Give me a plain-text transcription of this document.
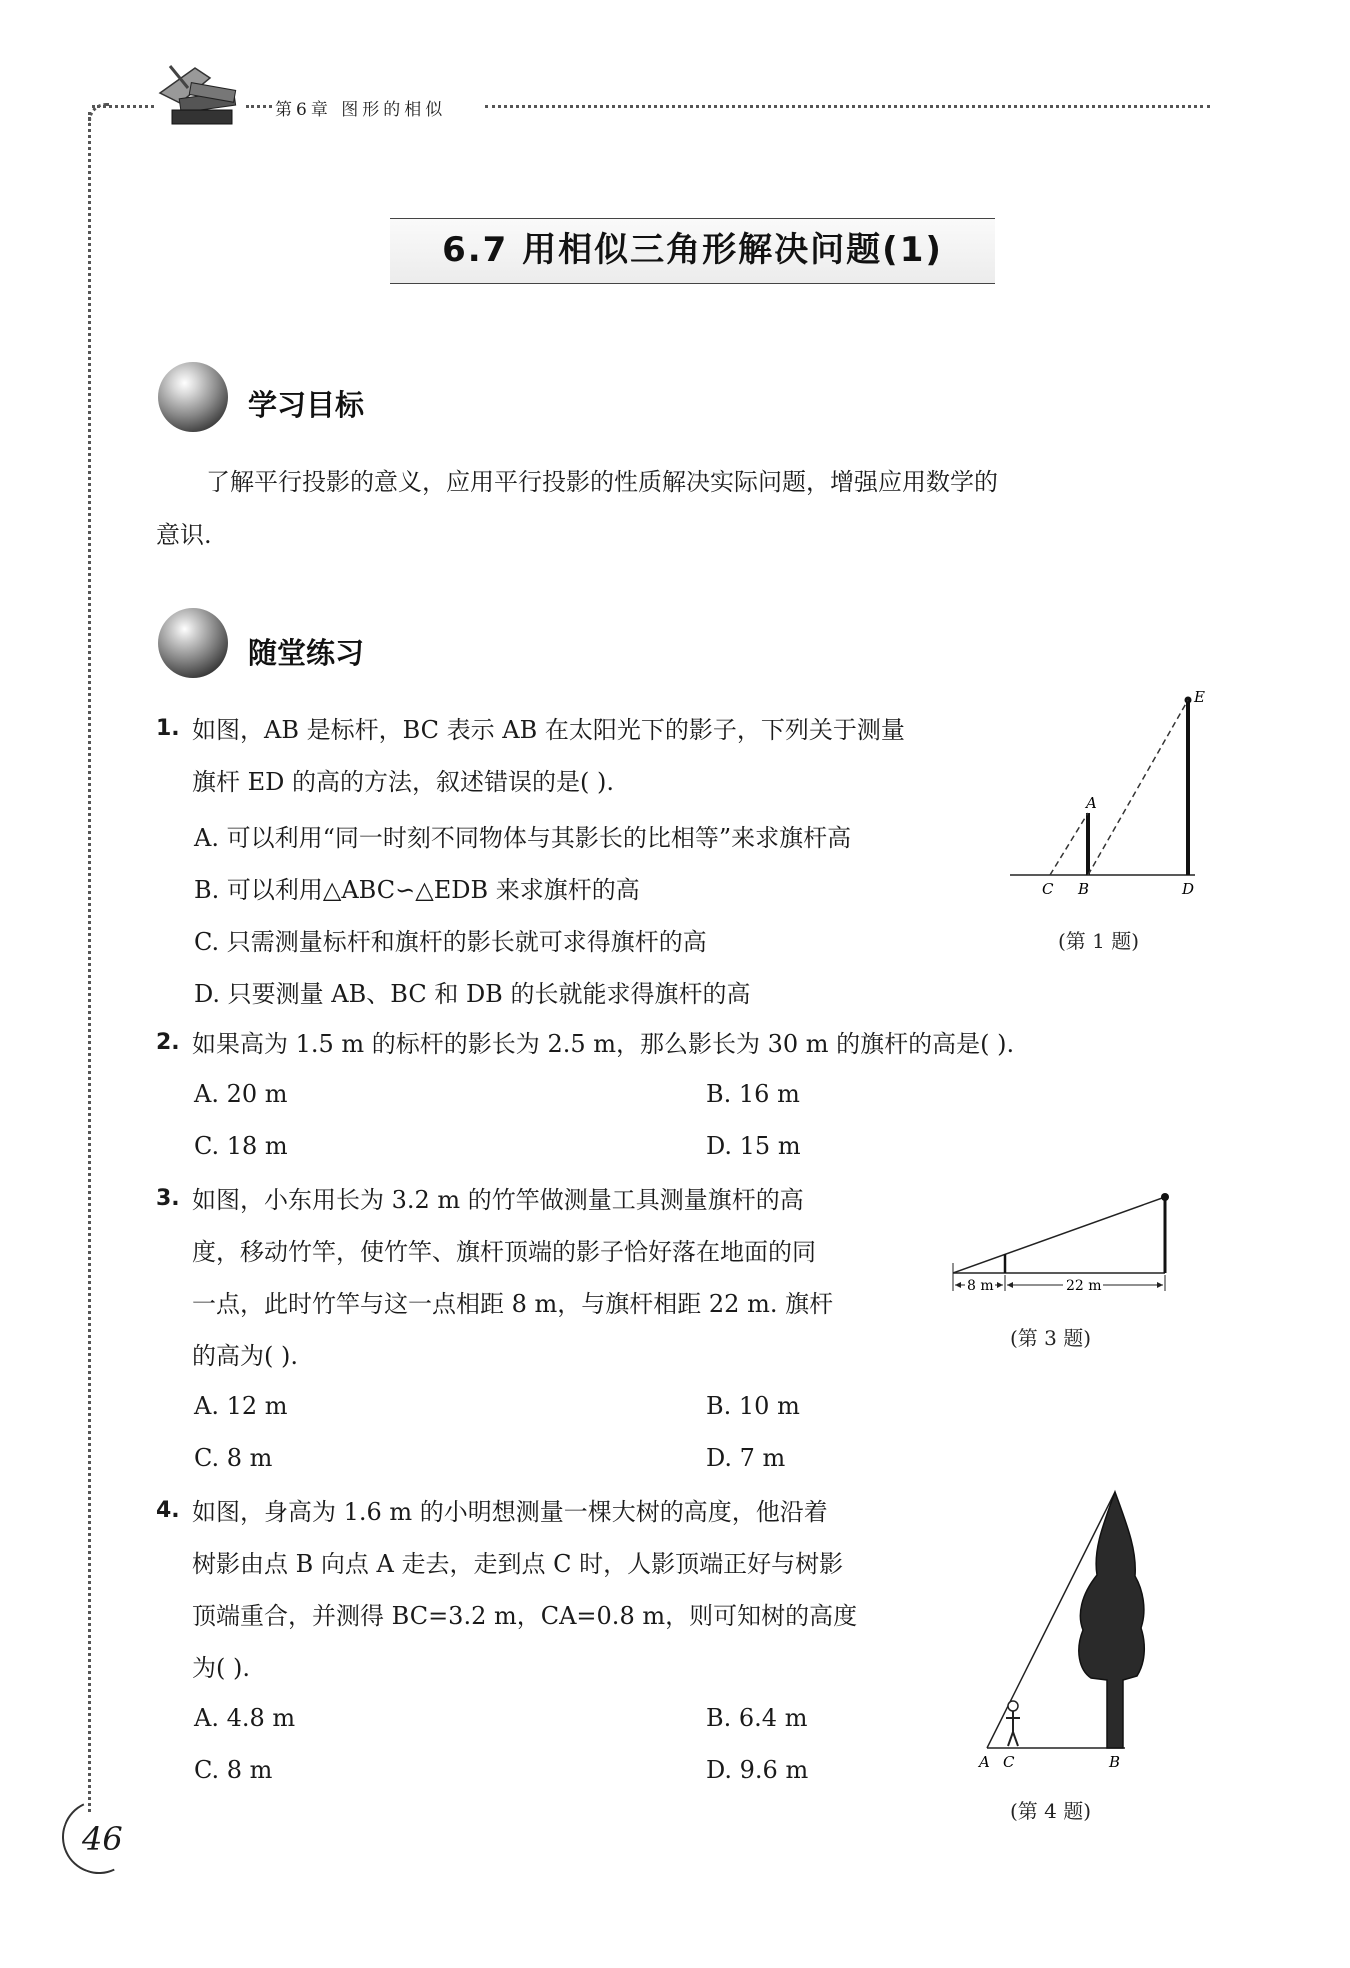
第6章 图形的相似
6.7 用相似三角形解决问题(1)
学习目标
了解平行投影的意义，应用平行投影的性质解决实际问题，增强应用数学的
意识.
随堂练习
1. 如图，AB 是标杆，BC 表示 AB 在太阳光下的影子，下列关于测量
旗杆 ED 的高的方法，叙述错误的是( ).
A. 可以利用“同一时刻不同物体与其影长的比相等”来求旗杆高
B. 可以利用△ABC∽△EDB 来求旗杆的高
C. 只需测量标杆和旗杆的影长就可求得旗杆的高
D. 只要测量 AB、BC 和 DB 的长就能求得旗杆的高
E
A
C B	D
(第 1 题)
2. 如果高为 1.5 m 的标杆的影长为 2.5 m，那么影长为 30 m 的旗杆的高是( ).
A. 20 m	B. 16 m
C. 18 m	D. 15 m
3. 如图，小东用长为 3.2 m 的竹竿做测量工具测量旗杆的高
度，移动竹竿，使竹竿、旗杆顶端的影子恰好落在地面的同
一点，此时竹竿与这一点相距 8 m，与旗杆相距 22 m. 旗杆
的高为( ).
A. 12 m	B. 10 m
C. 8 m	D. 7 m
8 m	22 m
(第 3 题)
4. 如图，身高为 1.6 m 的小明想测量一棵大树的高度，他沿着
树影由点 B 向点 A 走去，走到点 C 时，人影顶端正好与树影
顶端重合，并测得 BC=3.2 m，CA=0.8 m，则可知树的高度
为( ).
A. 4.8 m	B. 6.4 m
C. 8 m	D. 9.6 m	A C	B
(第 4 题)
46
